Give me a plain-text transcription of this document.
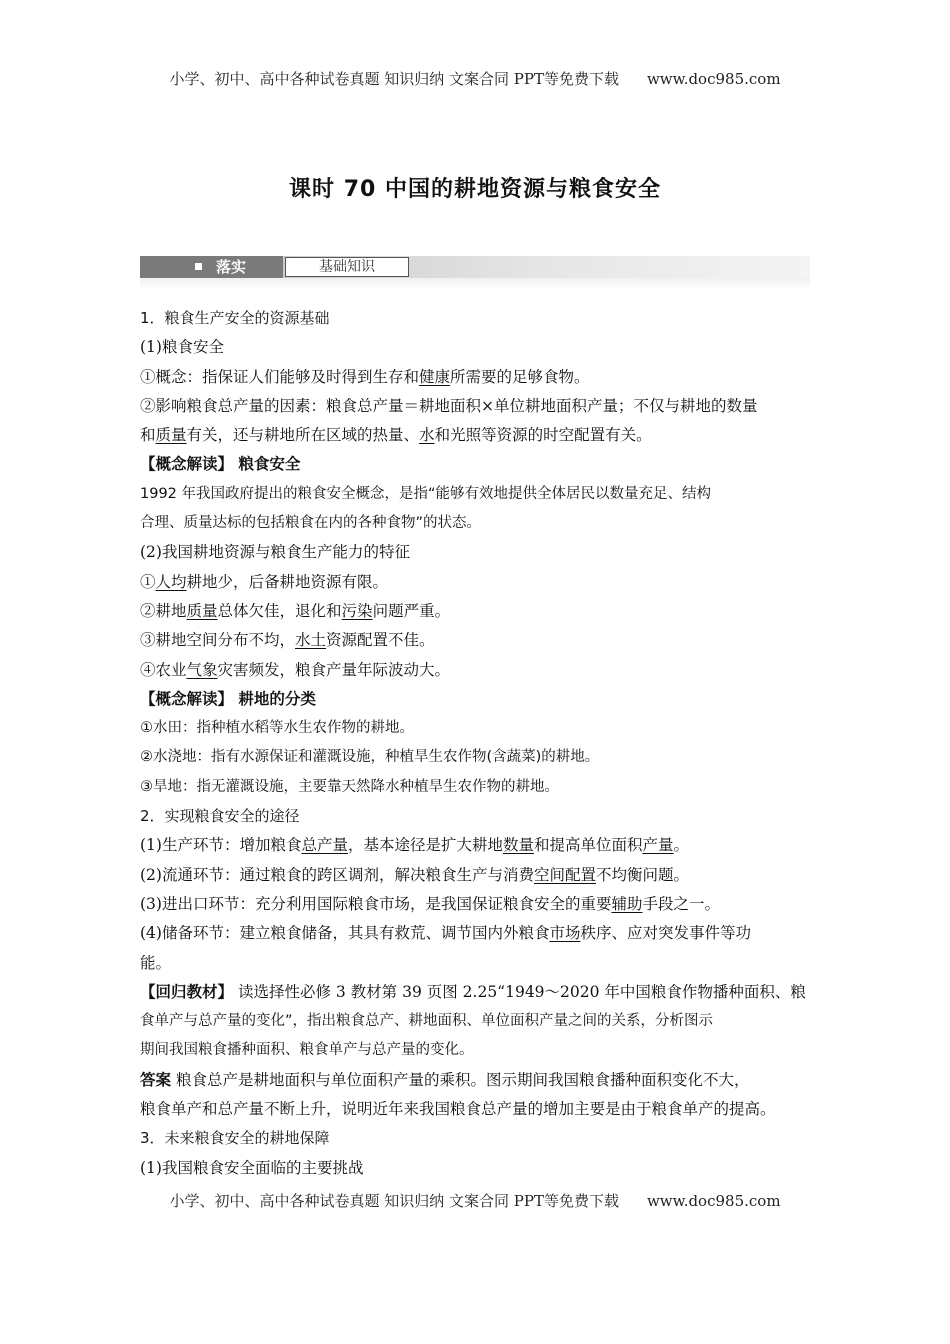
小学、初中、高中各种试卷真题 知识归纳 文案合同 PPT等免费下载 www.doc985.com
课时 70 中国的耕地资源与粮食安全
落实	基础知识
1．粮食生产安全的资源基础
(1)粮食安全
①概念：指保证人们能够及时得到生存和健康所需要的足够食物。
②影响粮食总产量的因素：粮食总产量＝耕地面积×单位耕地面积产量；不仅与耕地的数量
和质量有关，还与耕地所在区域的热量、水和光照等资源的时空配置有关。
【概念解读】 粮食安全
1992 年我国政府提出的粮食安全概念，是指“能够有效地提供全体居民以数量充足、结构
合理、质量达标的包括粮食在内的各种食物”的状态。
(2)我国耕地资源与粮食生产能力的特征
①人均耕地少，后备耕地资源有限。
②耕地质量总体欠佳，退化和污染问题严重。
③耕地空间分布不均，水土资源配置不佳。
④农业气象灾害频发，粮食产量年际波动大。
【概念解读】 耕地的分类
①水田：指种植水稻等水生农作物的耕地。
②水浇地：指有水源保证和灌溉设施，种植旱生农作物(含蔬菜)的耕地。
③旱地：指无灌溉设施，主要靠天然降水种植旱生农作物的耕地。
2．实现粮食安全的途径
(1)生产环节：增加粮食总产量，基本途径是扩大耕地数量和提高单位面积产量。
(2)流通环节：通过粮食的跨区调剂，解决粮食生产与消费空间配置不均衡问题。
(3)进出口环节：充分利用国际粮食市场，是我国保证粮食安全的重要辅助手段之一。
(4)储备环节：建立粮食储备，其具有救荒、调节国内外粮食市场秩序、应对突发事件等功
能。
【回归教材】 读选择性必修 3 教材第 39 页图 2.25“1949～2020 年中国粮食作物播种面积、粮
食单产与总产量的变化”，指出粮食总产、耕地面积、单位面积产量之间的关系，分析图示
期间我国粮食播种面积、粮食单产与总产量的变化。
答案 粮食总产是耕地面积与单位面积产量的乘积。图示期间我国粮食播种面积变化不大，
粮食单产和总产量不断上升，说明近年来我国粮食总产量的增加主要是由于粮食单产的提高。
3．未来粮食安全的耕地保障
(1)我国粮食安全面临的主要挑战
小学、初中、高中各种试卷真题 知识归纳 文案合同 PPT等免费下载 www.doc985.com
